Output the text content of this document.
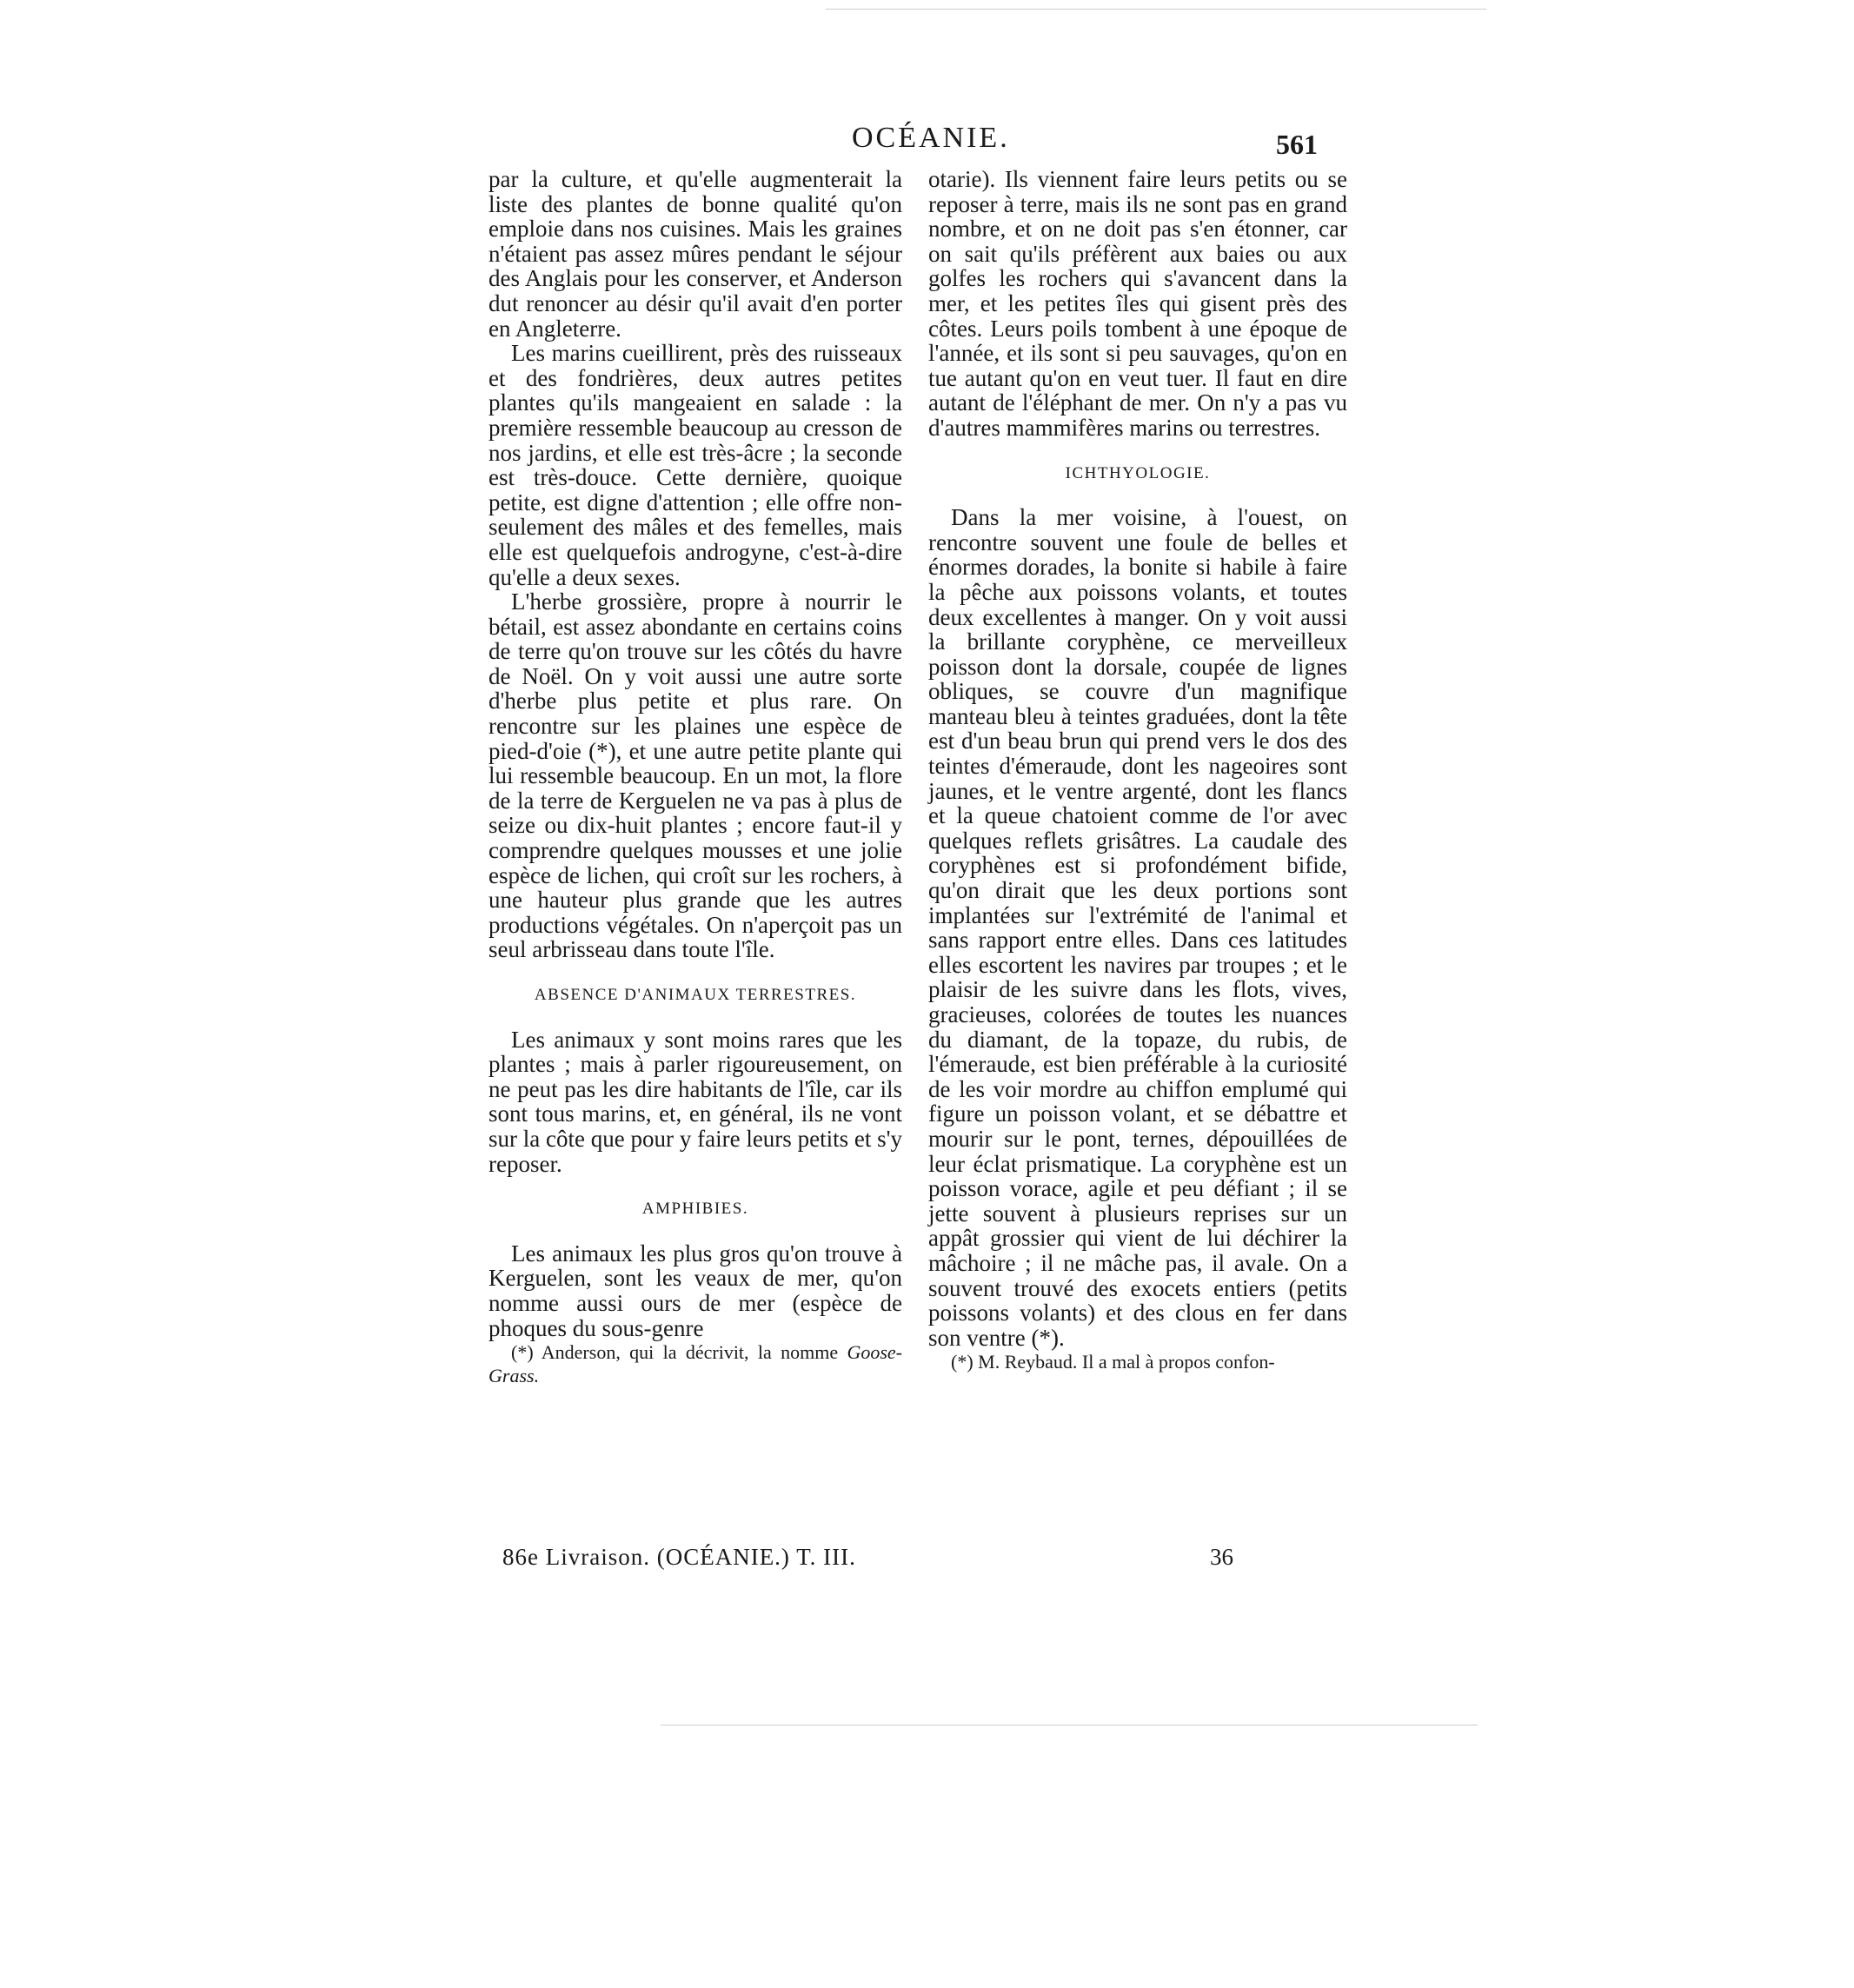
OCÉANIE.	561

par la culture, et qu'elle augmenterait la liste des plantes de bonne qualité qu'on emploie dans nos cuisines. Mais les graines n'étaient pas assez mûres pendant le séjour des Anglais pour les conserver, et Anderson dut renoncer au désir qu'il avait d'en porter en Angleterre.

Les marins cueillirent, près des ruisseaux et des fondrières, deux autres petites plantes qu'ils mangeaient en salade : la première ressemble beaucoup au cresson de nos jardins, et elle est très-âcre ; la seconde est très-douce. Cette dernière, quoique petite, est digne d'attention ; elle offre non-seulement des mâles et des femelles, mais elle est quelquefois androgyne, c'est-à-dire qu'elle a deux sexes.

L'herbe grossière, propre à nourrir le bétail, est assez abondante en certains coins de terre qu'on trouve sur les côtés du havre de Noël. On y voit aussi une autre sorte d'herbe plus petite et plus rare. On rencontre sur les plaines une espèce de pied-d'oie (*), et une autre petite plante qui lui ressemble beaucoup. En un mot, la flore de la terre de Kerguelen ne va pas à plus de seize ou dix-huit plantes ; encore faut-il y comprendre quelques mousses et une jolie espèce de lichen, qui croît sur les rochers, à une hauteur plus grande que les autres productions végétales. On n'aperçoit pas un seul arbrisseau dans toute l'île.

ABSENCE D'ANIMAUX TERRESTRES.

Les animaux y sont moins rares que les plantes ; mais à parler rigoureusement, on ne peut pas les dire habitants de l'île, car ils sont tous marins, et, en général, ils ne vont sur la côte que pour y faire leurs petits et s'y reposer.

AMPHIBIES.

Les animaux les plus gros qu'on trouve à Kerguelen, sont les veaux de mer, qu'on nomme aussi ours de mer (espèce de phoques du sous-genre

(*) Anderson, qui la décrivit, la nomme Goose-Grass.

otarie). Ils viennent faire leurs petits ou se reposer à terre, mais ils ne sont pas en grand nombre, et on ne doit pas s'en étonner, car on sait qu'ils préfèrent aux baies ou aux golfes les rochers qui s'avancent dans la mer, et les petites îles qui gisent près des côtes. Leurs poils tombent à une époque de l'année, et ils sont si peu sauvages, qu'on en tue autant qu'on en veut tuer. Il faut en dire autant de l'éléphant de mer. On n'y a pas vu d'autres mammifères marins ou terrestres.

ICHTHYOLOGIE.

Dans la mer voisine, à l'ouest, on rencontre souvent une foule de belles et énormes dorades, la bonite si habile à faire la pêche aux poissons volants, et toutes deux excellentes à manger. On y voit aussi la brillante coryphène, ce merveilleux poisson dont la dorsale, coupée de lignes obliques, se couvre d'un magnifique manteau bleu à teintes graduées, dont la tête est d'un beau brun qui prend vers le dos des teintes d'émeraude, dont les nageoires sont jaunes, et le ventre argenté, dont les flancs et la queue chatoient comme de l'or avec quelques reflets grisâtres. La caudale des coryphènes est si profondément bifide, qu'on dirait que les deux portions sont implantées sur l'extrémité de l'animal et sans rapport entre elles. Dans ces latitudes elles escortent les navires par troupes ; et le plaisir de les suivre dans les flots, vives, gracieuses, colorées de toutes les nuances du diamant, de la topaze, du rubis, de l'émeraude, est bien préférable à la curiosité de les voir mordre au chiffon emplumé qui figure un poisson volant, et se débattre et mourir sur le pont, ternes, dépouillées de leur éclat prismatique. La coryphène est un poisson vorace, agile et peu défiant ; il se jette souvent à plusieurs reprises sur un appât grossier qui vient de lui déchirer la mâchoire ; il ne mâche pas, il avale. On a souvent trouvé des exocets entiers (petits poissons volants) et des clous en fer dans son ventre (*).

(*) M. Reybaud. Il a mal à propos confon-

86e Livraison. (OCÉANIE.) T. III.	36
